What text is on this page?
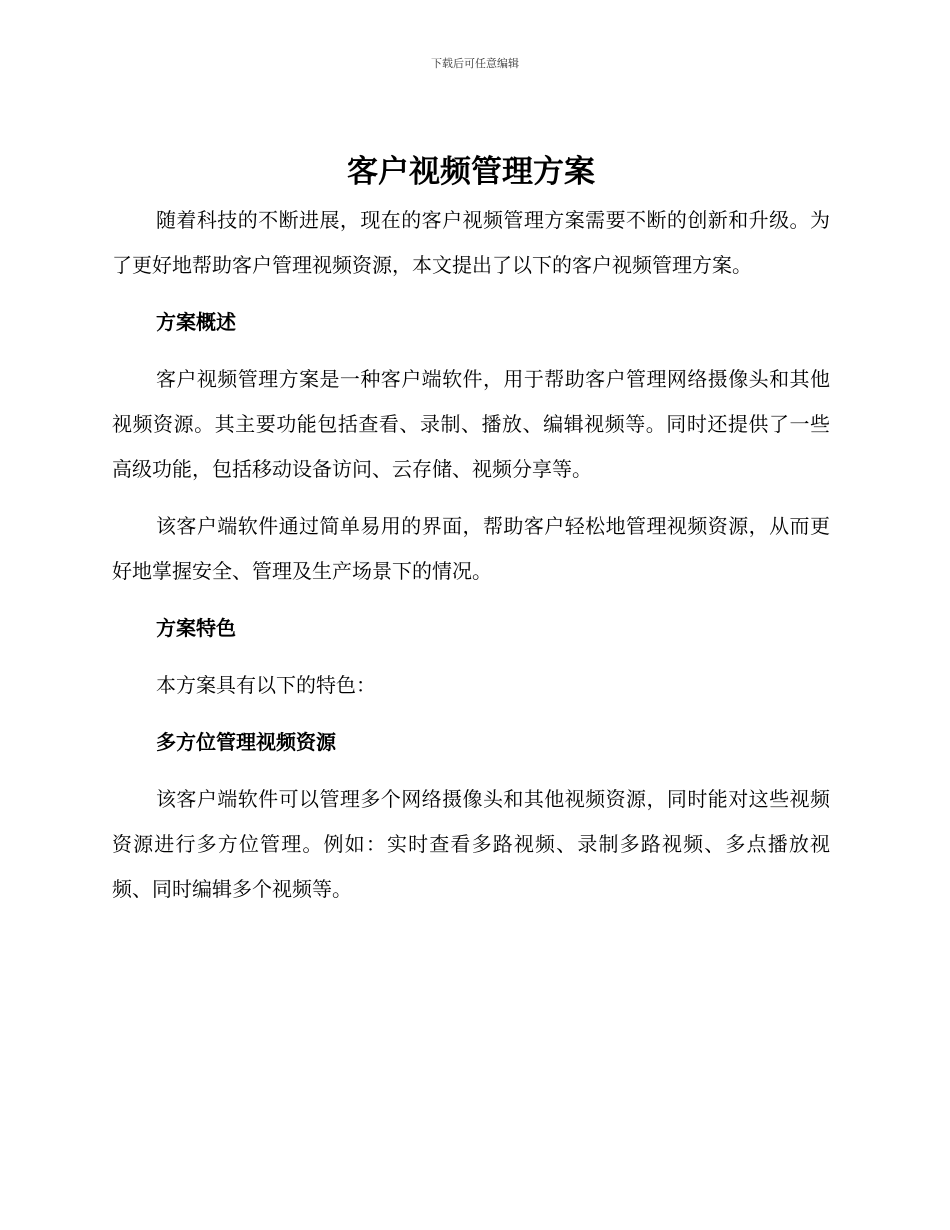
下载后可任意编辑
客户视频管理方案

随着科技的不断进展，现在的客户视频管理方案需要不断的创新和升级。为了更好地帮助客户管理视频资源，本文提出了以下的客户视频管理方案。

方案概述

客户视频管理方案是一种客户端软件，用于帮助客户管理网络摄像头和其他视频资源。其主要功能包括查看、录制、播放、编辑视频等。同时还提供了一些高级功能，包括移动设备访问、云存储、视频分享等。

该客户端软件通过简单易用的界面，帮助客户轻松地管理视频资源，从而更好地掌握安全、管理及生产场景下的情况。

方案特色

本方案具有以下的特色：

多方位管理视频资源

该客户端软件可以管理多个网络摄像头和其他视频资源，同时能对这些视频资源进行多方位管理。例如：实时查看多路视频、录制多路视频、多点播放视频、同时编辑多个视频等。
